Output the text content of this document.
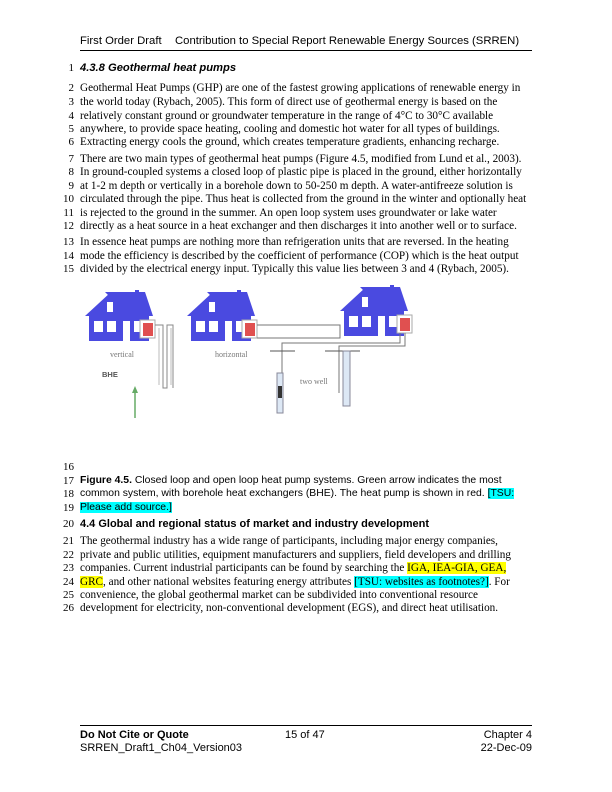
First Order Draft Contribution to Special Report Renewable Energy Sources (SRREN)
1 4.3.8 Geothermal heat pumps
2 Geothermal Heat Pumps (GHP) are one of the fastest growing applications of renewable energy in
3 the world today (Rybach, 2005). This form of direct use of geothermal energy is based on the
4 relatively constant ground or groundwater temperature in the range of 4°C to 30°C available
5 anywhere, to provide space heating, cooling and domestic hot water for all types of buildings.
6 Extracting energy cools the ground, which creates temperature gradients, enhancing recharge.
7 There are two main types of geothermal heat pumps (Figure 4.5, modified from Lund et al., 2003).
8 In ground-coupled systems a closed loop of plastic pipe is placed in the ground, either horizontally
9 at 1-2 m depth or vertically in a borehole down to 50-250 m depth. A water-antifreeze solution is
10 circulated through the pipe. Thus heat is collected from the ground in the winter and optionally heat
11 is rejected to the ground in the summer. An open loop system uses groundwater or lake water
12 directly as a heat source in a heat exchanger and then discharges it into another well or to surface.
13 In essence heat pumps are nothing more than refrigeration units that are reversed. In the heating
14 mode the efficiency is described by the coefficient of performance (COP) which is the heat output
15 divided by the electrical energy input. Typically this value lies between 3 and 4 (Rybach, 2005).
16
17 Figure 4.5. Closed loop and open loop heat pump systems. Green arrow indicates the most
18 common system, with borehole heat exchangers (BHE). The heat pump is shown in red. [TSU:
19 Please add source.]
20 4.4 Global and regional status of market and industry development
21 The geothermal industry has a wide range of participants, including major energy companies,
22 private and public utilities, equipment manufacturers and suppliers, field developers and drilling
23 companies. Current industrial participants can be found by searching the IGA, IEA-GIA, GEA,
24 GRC, and other national websites featuring energy attributes [TSU: websites as footnotes?]. For
25 convenience, the global geothermal market can be subdivided into conventional resource
26 development for electricity, non-conventional development (EGS), and direct heat utilisation.
vertical
BHE
horizontal
two well
Do Not Cite or Quote	15 of 47	Chapter 4
SRREN_Draft1_Ch04_Version03	22-Dec-09
